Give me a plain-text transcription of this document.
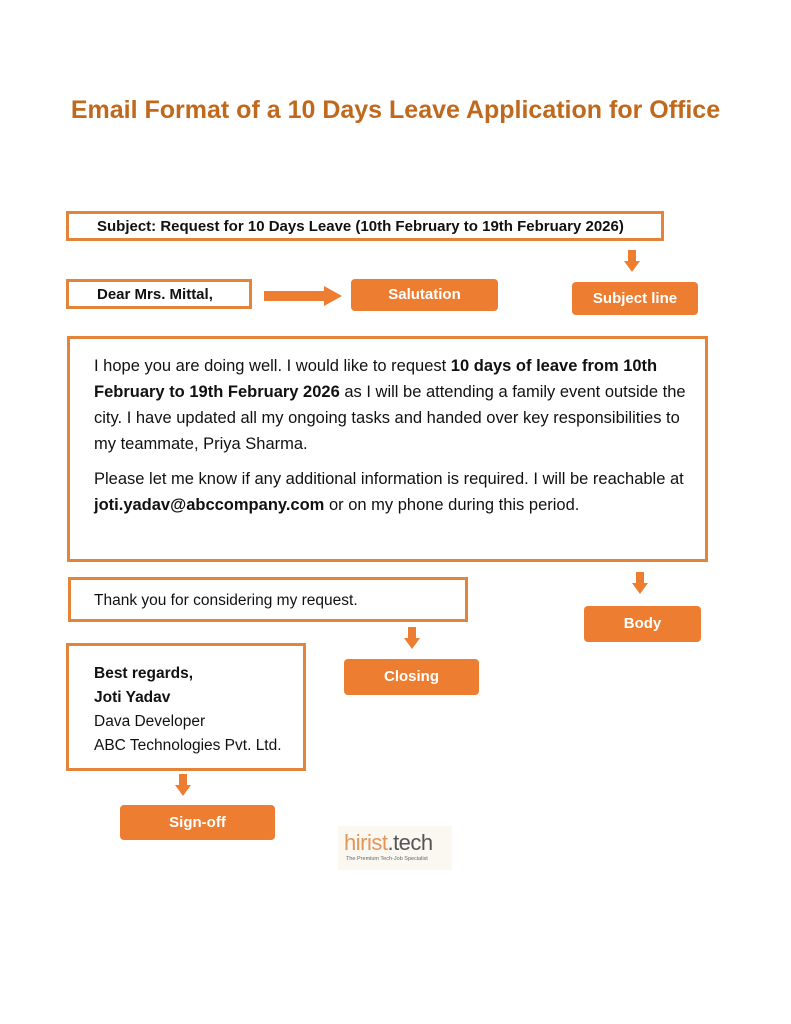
Email Format of a 10 Days Leave Application for Office
Subject: Request for 10 Days Leave (10th February to 19th February 2026)
Subject line
Dear Mrs. Mittal,	Salutation

I hope you are doing well. I would like to request 10 days of leave from 10th February to 19th February 2026 as I will be attending a family event outside the city. I have updated all my ongoing tasks and handed over key responsibilities to my teammate, Priya Sharma.

Please let me know if any additional information is required. I will be reachable at joti.yadav@abccompany.com or on my phone during this period.

Body
Thank you for considering my request.
Closing
Best regards,
Joti Yadav
Dava Developer
ABC Technologies Pvt. Ltd.
Sign-off
hirist.tech
The Premium Tech-Job Specialist
